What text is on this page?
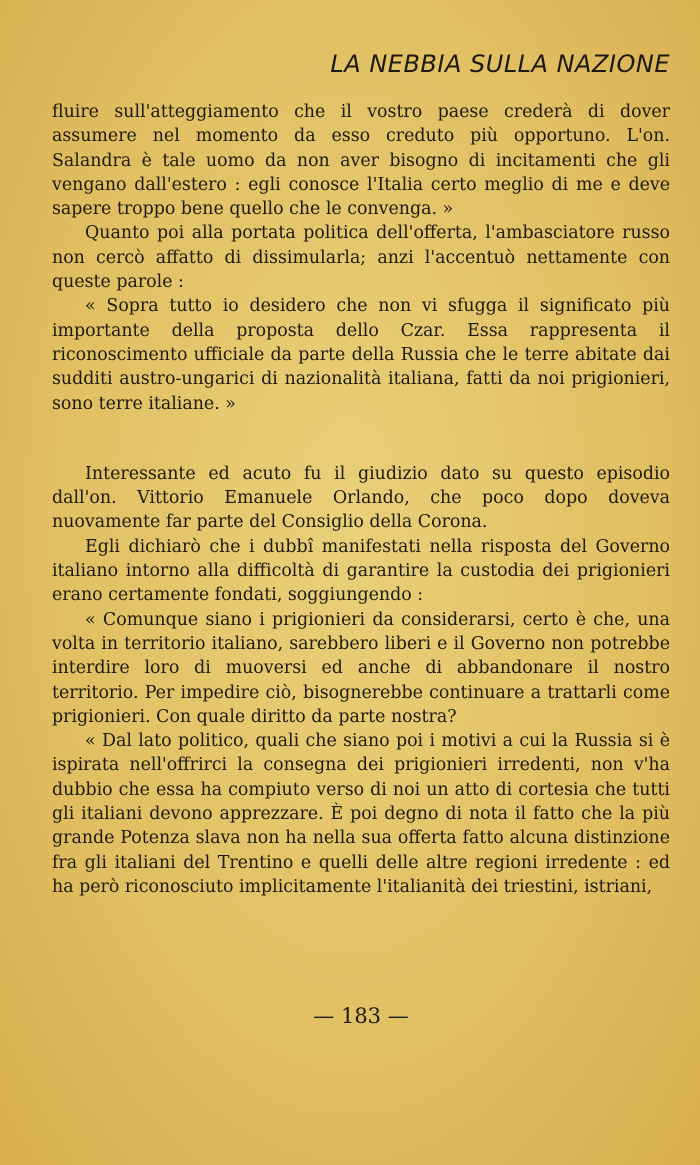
LA NEBBIA SULLA NAZIONE

fluire sull'atteggiamento che il vostro paese crederà di dover assumere nel momento da esso creduto più opportuno. L'on. Salandra è tale uomo da non aver bisogno di incitamenti che gli vengano dall'estero : egli conosce l'Italia certo meglio di me e deve sapere troppo bene quello che le convenga. »

Quanto poi alla portata politica dell'offerta, l'ambasciatore russo non cercò affatto di dissimularla; anzi l'accentuò nettamente con queste parole :

« Sopra tutto io desidero che non vi sfugga il significato più importante della proposta dello Czar. Essa rappresenta il riconoscimento ufficiale da parte della Russia che le terre abitate dai sudditi austro-ungarici di nazionalità italiana, fatti da noi prigionieri, sono terre italiane. »

Interessante ed acuto fu il giudizio dato su questo episodio dall'on. Vittorio Emanuele Orlando, che poco dopo doveva nuovamente far parte del Consiglio della Corona.

Egli dichiarò che i dubbî manifestati nella risposta del Governo italiano intorno alla difficoltà di garantire la custodia dei prigionieri erano certamente fondati, soggiungendo :

« Comunque siano i prigionieri da considerarsi, certo è che, una volta in territorio italiano, sarebbero liberi e il Governo non potrebbe interdire loro di muoversi ed anche di abbandonare il nostro territorio. Per impedire ciò, bisognerebbe continuare a trattarli come prigionieri. Con quale diritto da parte nostra?

« Dal lato politico, quali che siano poi i motivi a cui la Russia si è ispirata nell'offrirci la consegna dei prigionieri irredenti, non v'ha dubbio che essa ha compiuto verso di noi un atto di cortesia che tutti gli italiani devono apprezzare. È poi degno di nota il fatto che la più grande Potenza slava non ha nella sua offerta fatto alcuna distinzione fra gli italiani del Trentino e quelli delle altre regioni irredente : ed ha però riconosciuto implicitamente l'italianità dei triestini, istriani,

— 183 —
